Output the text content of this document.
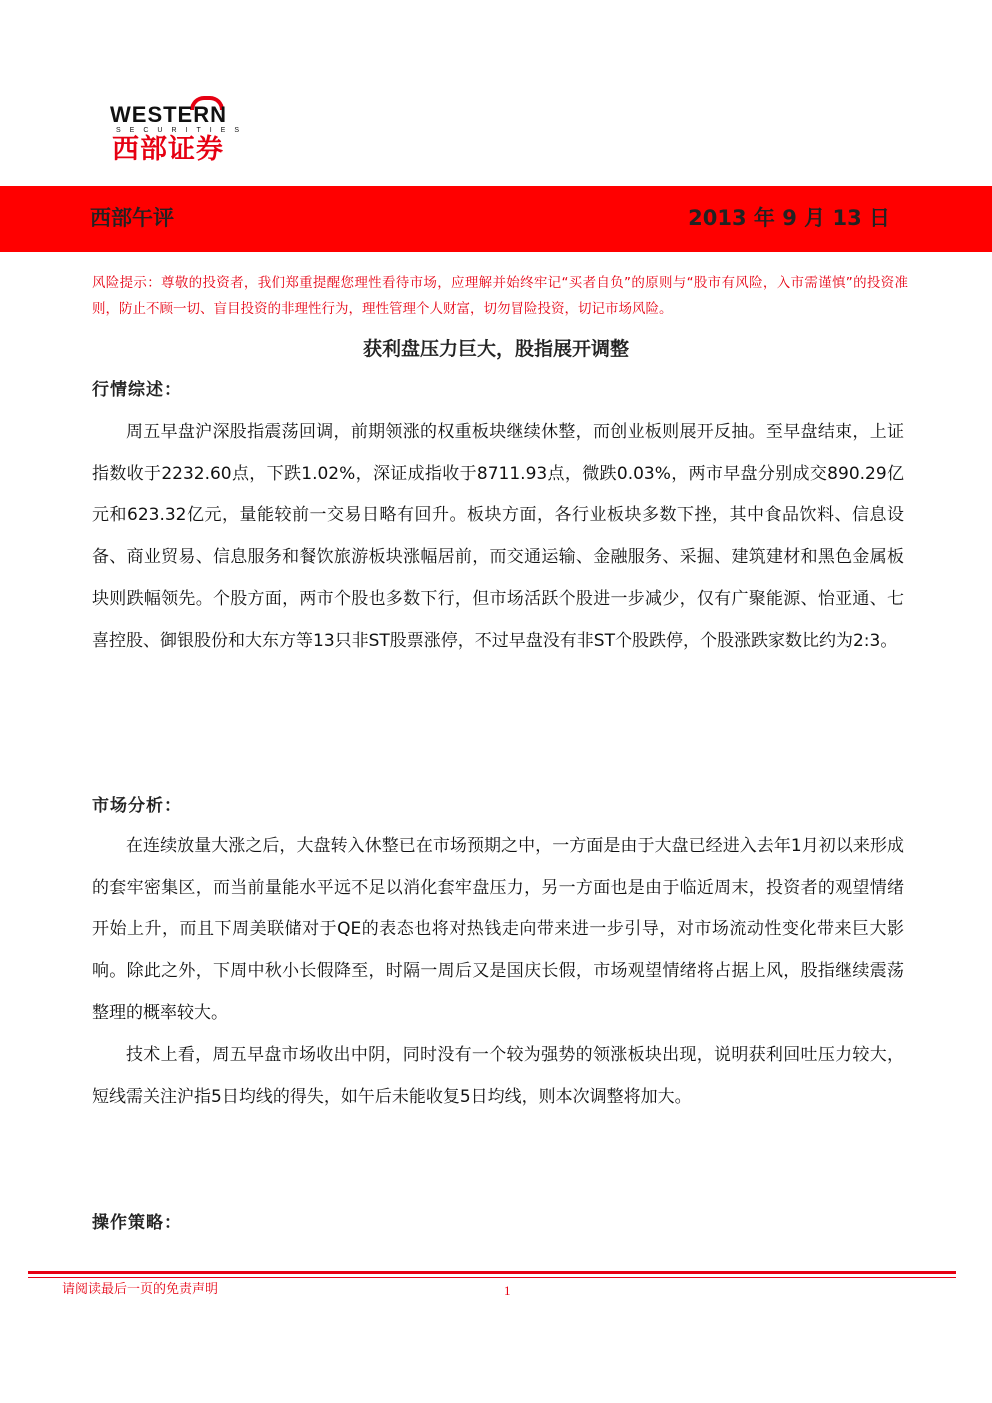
WESTERN
SECURITIES
西部证券
西部午评	2013 年 9 月 13 日

风险提示：尊敬的投资者，我们郑重提醒您理性看待市场，应理解并始终牢记“买者自负”的原则与“股市有风险，入市需谨慎”的投资准则，防止不顾一切、盲目投资的非理性行为，理性管理个人财富，切勿冒险投资，切记市场风险。

获利盘压力巨大，股指展开调整
行情综述：

周五早盘沪深股指震荡回调，前期领涨的权重板块继续休整，而创业板则展开反抽。至早盘结束，上证指数收于2232.60点，下跌1.02%，深证成指收于8711.93点，微跌0.03%，两市早盘分别成交890.29亿元和623.32亿元，量能较前一交易日略有回升。板块方面，各行业板块多数下挫，其中食品饮料、信息设备、商业贸易、信息服务和餐饮旅游板块涨幅居前，而交通运输、金融服务、采掘、建筑建材和黑色金属板块则跌幅领先。个股方面，两市个股也多数下行，但市场活跃个股进一步减少，仅有广聚能源、怡亚通、七喜控股、御银股份和大东方等13只非ST股票涨停，不过早盘没有非ST个股跌停，个股涨跌家数比约为2:3。

市场分析：

在连续放量大涨之后，大盘转入休整已在市场预期之中，一方面是由于大盘已经进入去年1月初以来形成的套牢密集区，而当前量能水平远不足以消化套牢盘压力，另一方面也是由于临近周末，投资者的观望情绪开始上升，而且下周美联储对于QE的表态也将对热钱走向带来进一步引导，对市场流动性变化带来巨大影响。除此之外，下周中秋小长假降至，时隔一周后又是国庆长假，市场观望情绪将占据上风，股指继续震荡整理的概率较大。

技术上看，周五早盘市场收出中阴，同时没有一个较为强势的领涨板块出现，说明获利回吐压力较大，短线需关注沪指5日均线的得失，如午后未能收复5日均线，则本次调整将加大。

操作策略：
请阅读最后一页的免责声明	1
